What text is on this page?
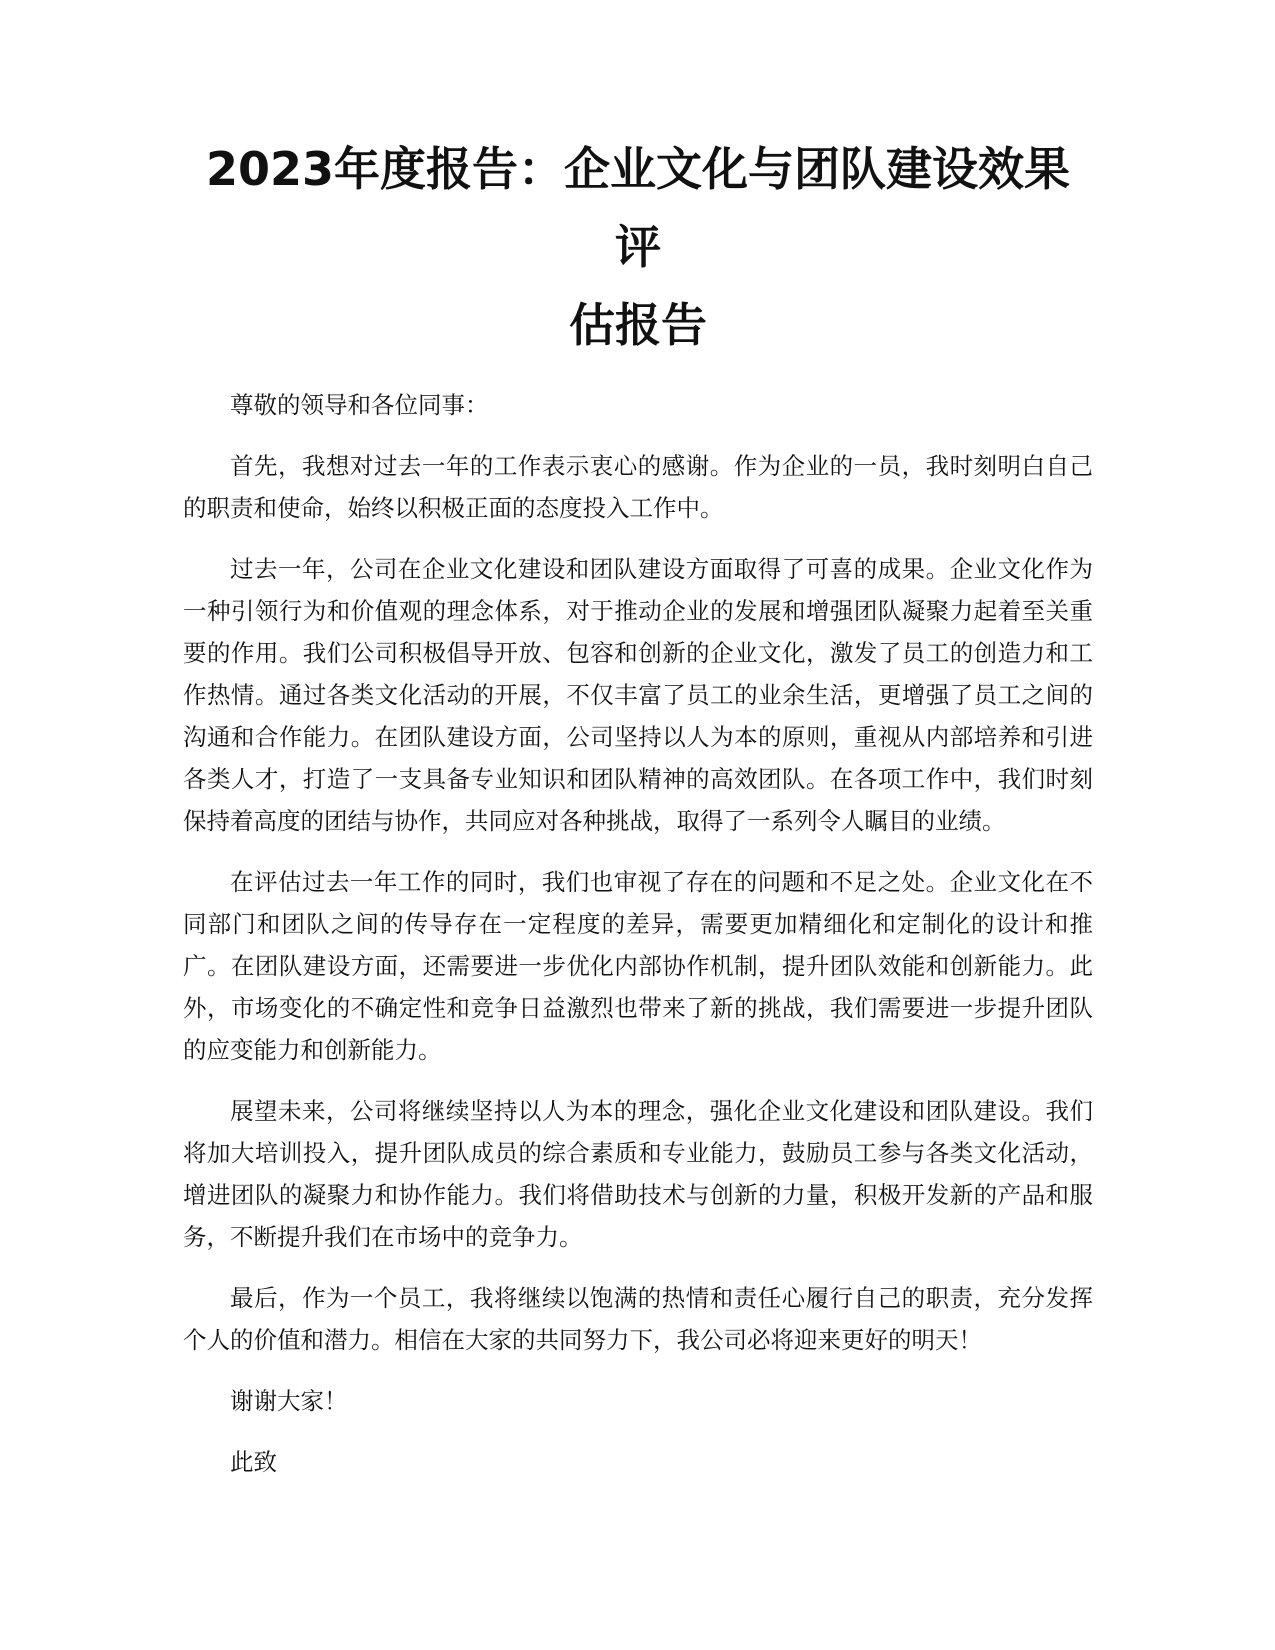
2023年度报告：企业文化与团队建设效果评
估报告

尊敬的领导和各位同事：

首先，我想对过去一年的工作表示衷心的感谢。作为企业的一员，我时刻明白自己的职责和使命，始终以积极正面的态度投入工作中。

过去一年，公司在企业文化建设和团队建设方面取得了可喜的成果。企业文化作为一种引领行为和价值观的理念体系，对于推动企业的发展和增强团队凝聚力起着至关重要的作用。我们公司积极倡导开放、包容和创新的企业文化，激发了员工的创造力和工作热情。通过各类文化活动的开展，不仅丰富了员工的业余生活，更增强了员工之间的沟通和合作能力。在团队建设方面，公司坚持以人为本的原则，重视从内部培养和引进各类人才，打造了一支具备专业知识和团队精神的高效团队。在各项工作中，我们时刻保持着高度的团结与协作，共同应对各种挑战，取得了一系列令人瞩目的业绩。

在评估过去一年工作的同时，我们也审视了存在的问题和不足之处。企业文化在不同部门和团队之间的传导存在一定程度的差异，需要更加精细化和定制化的设计和推广。在团队建设方面，还需要进一步优化内部协作机制，提升团队效能和创新能力。此外，市场变化的不确定性和竞争日益激烈也带来了新的挑战，我们需要进一步提升团队的应变能力和创新能力。

展望未来，公司将继续坚持以人为本的理念，强化企业文化建设和团队建设。我们将加大培训投入，提升团队成员的综合素质和专业能力，鼓励员工参与各类文化活动，增进团队的凝聚力和协作能力。我们将借助技术与创新的力量，积极开发新的产品和服务，不断提升我们在市场中的竞争力。

最后，作为一个员工，我将继续以饱满的热情和责任心履行自己的职责，充分发挥个人的价值和潜力。相信在大家的共同努力下，我公司必将迎来更好的明天！

谢谢大家！

此致
